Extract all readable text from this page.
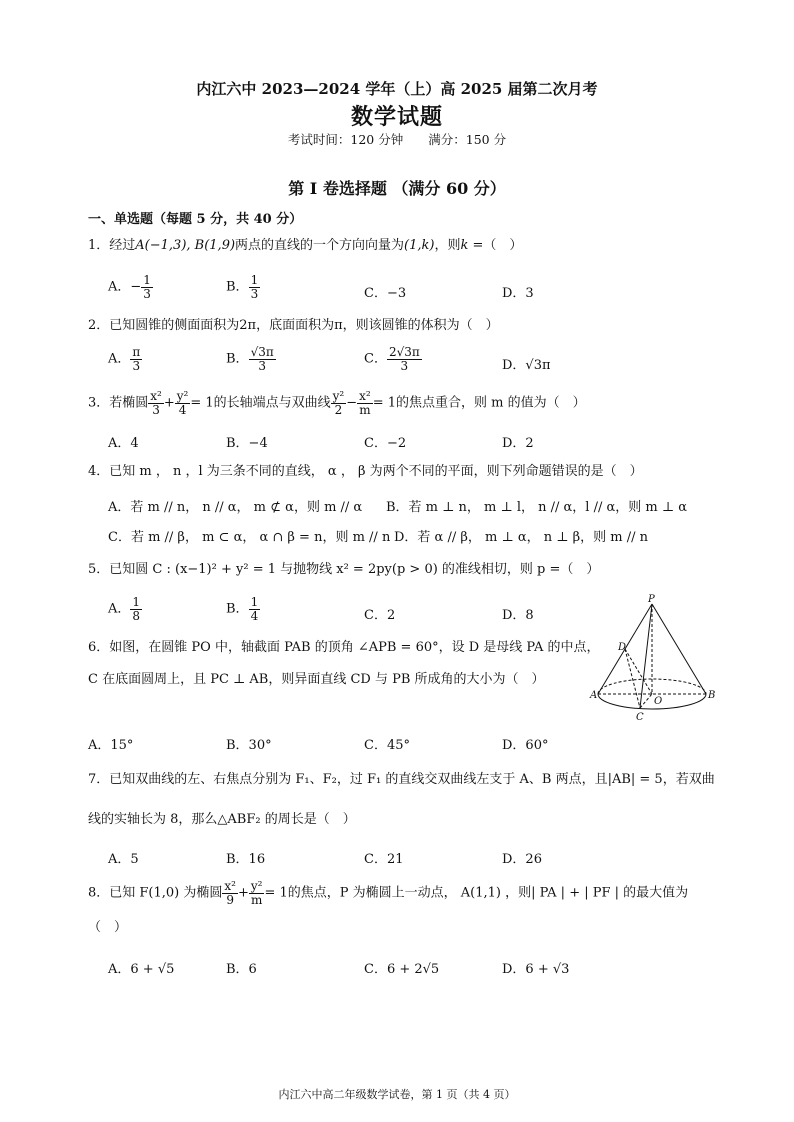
内江六中 2023—2024 学年（上）高 2025 届第二次月考
数学试题
考试时间：120 分钟　　满分：150 分
第 I 卷选择题 （满分 60 分）
一、单选题（每题 5 分，共 40 分）
1．经过A(−1,3), B(1,9)两点的直线的一个方向向量为(1,k)，则k =（　）
A．− $\frac{1}{3}$	B． $\frac{1}{3}$	C．−3	D．3
2．已知圆锥的侧面面积为2π，底面面积为π，则该圆锥的体积为（　）
A． $\frac{\pi}{3}$	B． $\frac{√3\pi}{3}$	C． $\frac{2√3\pi}{3}$	D．√3π
3．若椭圆 $\frac{\text{x²}}{3} + \frac{\text{y²}}{4} = 1$的长轴端点与双曲线 $\frac{\text{y²}}{2} - \frac{\text{x²}}{m} = 1$的焦点重合，则 m 的值为（　）
A．4	B．−4	C．−2	D．2
4．已知 m ， n ，l 为三条不同的直线， α ， β 为两个不同的平面，则下列命题错误的是（　）
A．若 m // n， n // α， m ⊄ α，则 m // α B．若 m ⊥ n， m ⊥ l， n // α，l // α，则 m ⊥ α
C．若 m // β， m ⊂ α， α ∩ β = n，则 m // n D．若 α // β， m ⊥ α， n ⊥ β，则 m // n
5．已知圆 C : (x−1)² + y² = 1 与抛物线 x² = 2py(p > 0) 的准线相切，则 p =（　）
A． $\frac{1}{8}$	B． $\frac{1}{4}$	C．2	D．8
6．如图，在圆锥 PO 中，轴截面 PAB 的顶角 ∠APB = 60°，设 D 是母线 PA 的中点，
C 在底面圆周上，且 PC ⊥ AB，则异面直线 CD 与 PB 所成角的大小为（　）
A．15°	B．30°	C．45°	D．60°
P
D
A
O
B
C
7．已知双曲线的左、右焦点分别为 F₁、F₂，过 F₁ 的直线交双曲线左支于 A、B 两点，且|AB| = 5，若双曲
线的实轴长为 8，那么△ABF₂ 的周长是（　）
A．5	B．16	C．21	D．26
8．已知 F(1,0) 为椭圆 $\frac{\text{x²}}{9} + \frac{\text{y²}}{m} = 1$的焦点，P 为椭圆上一动点， A(1,1) ，则| PA | + | PF | 的最大值为
（　）
A．6 + √5	B．6	C．6 + 2√5	D．6 + √3
内江六中高二年级数学试卷，第 1 页（共 4 页）
